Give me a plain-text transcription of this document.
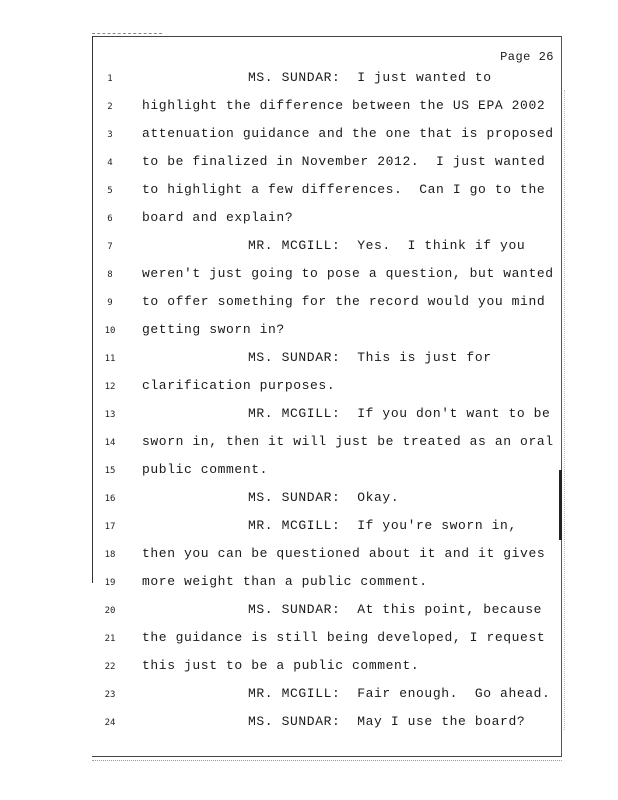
Page 26
1	MS. SUNDAR:  I just wanted to
2	highlight the difference between the US EPA 2002
3	attenuation guidance and the one that is proposed
4	to be finalized in November 2012.  I just wanted
5	to highlight a few differences.  Can I go to the
6	board and explain?
7	MR. MCGILL:  Yes.  I think if you
8	weren't just going to pose a question, but wanted
9	to offer something for the record would you mind
10	getting sworn in?
11	MS. SUNDAR:  This is just for
12	clarification purposes.
13	MR. MCGILL:  If you don't want to be
14	sworn in, then it will just be treated as an oral
15	public comment.
16	MS. SUNDAR:  Okay.
17	MR. MCGILL:  If you're sworn in,
18	then you can be questioned about it and it gives
19	more weight than a public comment.
20	MS. SUNDAR:  At this point, because
21	the guidance is still being developed, I request
22	this just to be a public comment.
23	MR. MCGILL:  Fair enough.  Go ahead.
24	MS. SUNDAR:  May I use the board?
